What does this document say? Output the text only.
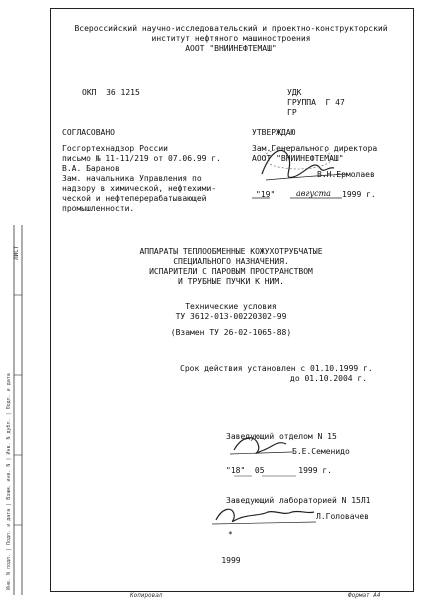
Инв. N подл. | Подп. и дата | Взам. инв. N | Инв. N дубл. | Подп. и дата
ЛИСТ
Всероссийский научно-исследовательский и проектно-конструкторский
институт нефтяного машиностроения
АООТ "ВНИИНЕФТЕМАШ"
ОКП  36 1215	УДК
ГРУППА  Г 47
ГР
СОГЛАСОВАНО
Госгортехнадзор России
письмо № 11-11/219 от 07.06.99 г.
В.А. Баранов
Зам. начальника Управления по
надзору в химической, нефтехими-
ческой и нефтеперерабатывающей
промышленности.
УТВЕРЖДАЮ
Зам.Генерального директора
АООТ "ВНИИНЕФТЕМАШ"
В.Н.Ермолаев
"19"	августа 1999 г.
АППАРАТЫ ТЕПЛООБМЕННЫЕ КОЖУХОТРУБЧАТЫЕ
СПЕЦИАЛЬНОГО НАЗНАЧЕНИЯ.
ИСПАРИТЕЛИ С ПАРОВЫМ ПРОСТРАНСТВОМ
И ТРУБНЫЕ ПУЧКИ К НИМ.
Технические условия
ТУ 3612-013-00220302-99
(Взамен ТУ 26-02-1065-88)
Срок действия установлен с 01.10.1999 г.
до 01.10.2004 г.
Заведующий отделом N 15
Б.Е.Семенидо
"18"  05       1999 г.
Заведующий лабораторией N 15Л1
Л.Головачев
*
1999
Копировал	Формат А4
